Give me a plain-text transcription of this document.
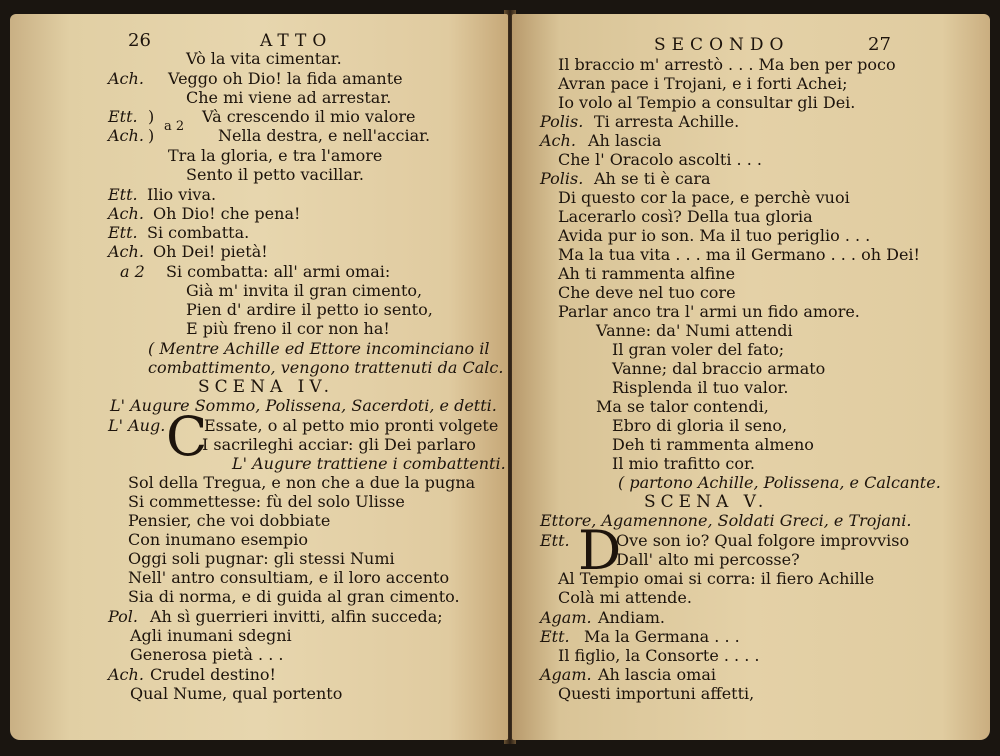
26	ATTO
Vò la vita cimentar.
Ach. Veggo oh Dio! la fida amante
Che mi viene ad arrestar.
Ett. )
a 2
Và crescendo il mio valore
Ach. )	Nella destra, e nell'acciar.
Tra la gloria, e tra l'amore
Sento il petto vacillar.
Ett. Ilio viva.
Ach. Oh Dio! che pena!
Ett. Si combatta.
Ach. Oh Dei! pietà!
a 2 Si combatta: all' armi omai:
Già m' invita il gran cimento,
Pien d' ardire il petto io sento,
E più freno il cor non ha!
( Mentre Achille ed Ettore incominciano il
combattimento, vengono trattenuti da Calc.
SCENA IV.
L' Augure Sommo, Polissena, Sacerdoti, e detti.
L' Aug. C
Essate, o al petto mio pronti volgete
I sacrileghi acciar: gli Dei parlaro
L' Augure trattiene i combattenti.
Sol della Tregua, e non che a due la pugna
Si commettesse: fù del solo Ulisse
Pensier, che voi dobbiate
Con inumano esempio
Oggi soli pugnar: gli stessi Numi
Nell' antro consultiam, e il loro accento
Sia di norma, e di guida al gran cimento.
Pol. Ah sì guerrieri invitti, alfin succeda;
Agli inumani sdegni
Generosa pietà . . .
Ach. Crudel destino!
Qual Nume, qual portento
SECONDO	27
Il braccio m' arrestò . . . Ma ben per poco
Avran pace i Trojani, e i forti Achei;
Io volo al Tempio a consultar gli Dei.
Polis. Ti arresta Achille.
Ach. Ah lascia
Che l' Oracolo ascolti . . .
Polis. Ah se ti è cara
Di questo cor la pace, e perchè vuoi
Lacerarlo così? Della tua gloria
Avida pur io son. Ma il tuo periglio . . .
Ma la tua vita . . . ma il Germano . . . oh Dei!
Ah ti rammenta alfine
Che deve nel tuo core
Parlar anco tra l' armi un fido amore.
Vanne: da' Numi attendi
Il gran voler del fato;
Vanne; dal braccio armato
Risplenda il tuo valor.
Ma se talor contendi,
Ebro di gloria il seno,
Deh ti rammenta almeno
Il mio trafitto cor.
( partono Achille, Polissena, e Calcante.
SCENA V.
Ettore, Agamennone, Soldati Greci, e Trojani.
Ett. D
Ove son io? Qual folgore improvviso
Dall' alto mi percosse?
Al Tempio omai si corra: il fiero Achille
Colà mi attende.
Agam. Andiam.
Ett. Ma la Germana . . .
Il figlio, la Consorte . . . .
Agam. Ah lascia omai
Questi importuni affetti,
